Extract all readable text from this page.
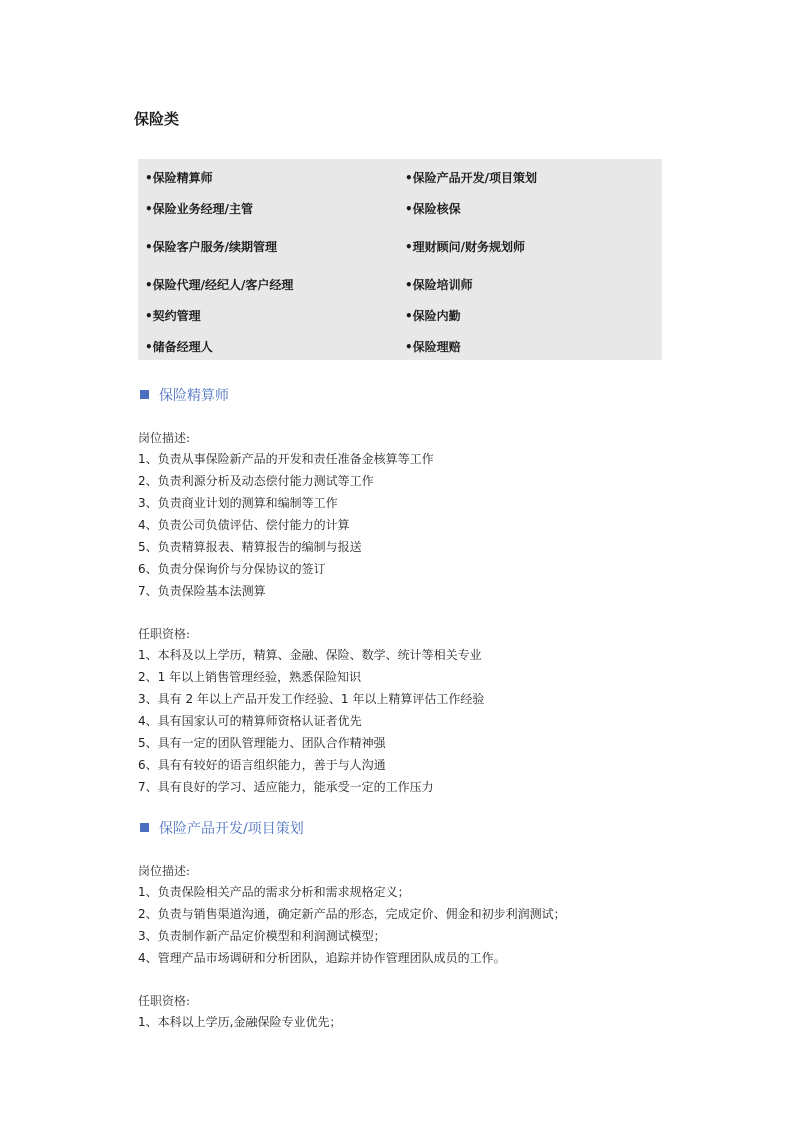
保险类
•保险精算师
•保险业务经理/主管
•保险客户服务/续期管理
•保险代理/经纪人/客户经理
•契约管理
•储备经理人
•保险产品开发/项目策划
•保险核保
•理财顾问/财务规划师
•保险培训师
•保险内勤
•保险理赔
保险精算师
岗位描述:
1、负责从事保险新产品的开发和责任准备金核算等工作
2、负责利源分析及动态偿付能力测试等工作
3、负责商业计划的测算和编制等工作
4、负责公司负债评估、偿付能力的计算
5、负责精算报表、精算报告的编制与报送
6、负责分保询价与分保协议的签订
7、负责保险基本法测算
任职资格:
1、本科及以上学历，精算、金融、保险、数学、统计等相关专业
2、1 年以上销售管理经验，熟悉保险知识
3、具有 2 年以上产品开发工作经验、1 年以上精算评估工作经验
4、具有国家认可的精算师资格认证者优先
5、具有一定的团队管理能力、团队合作精神强
6、具有有较好的语言组织能力，善于与人沟通
7、具有良好的学习、适应能力，能承受一定的工作压力
保险产品开发/项目策划
岗位描述:
1、负责保险相关产品的需求分析和需求规格定义；
2、负责与销售渠道沟通，确定新产品的形态，完成定价、佣金和初步利润测试；
3、负责制作新产品定价模型和利润测试模型；
4、管理产品市场调研和分析团队，追踪并协作管理团队成员的工作。
任职资格:
1、本科以上学历,金融保险专业优先；
